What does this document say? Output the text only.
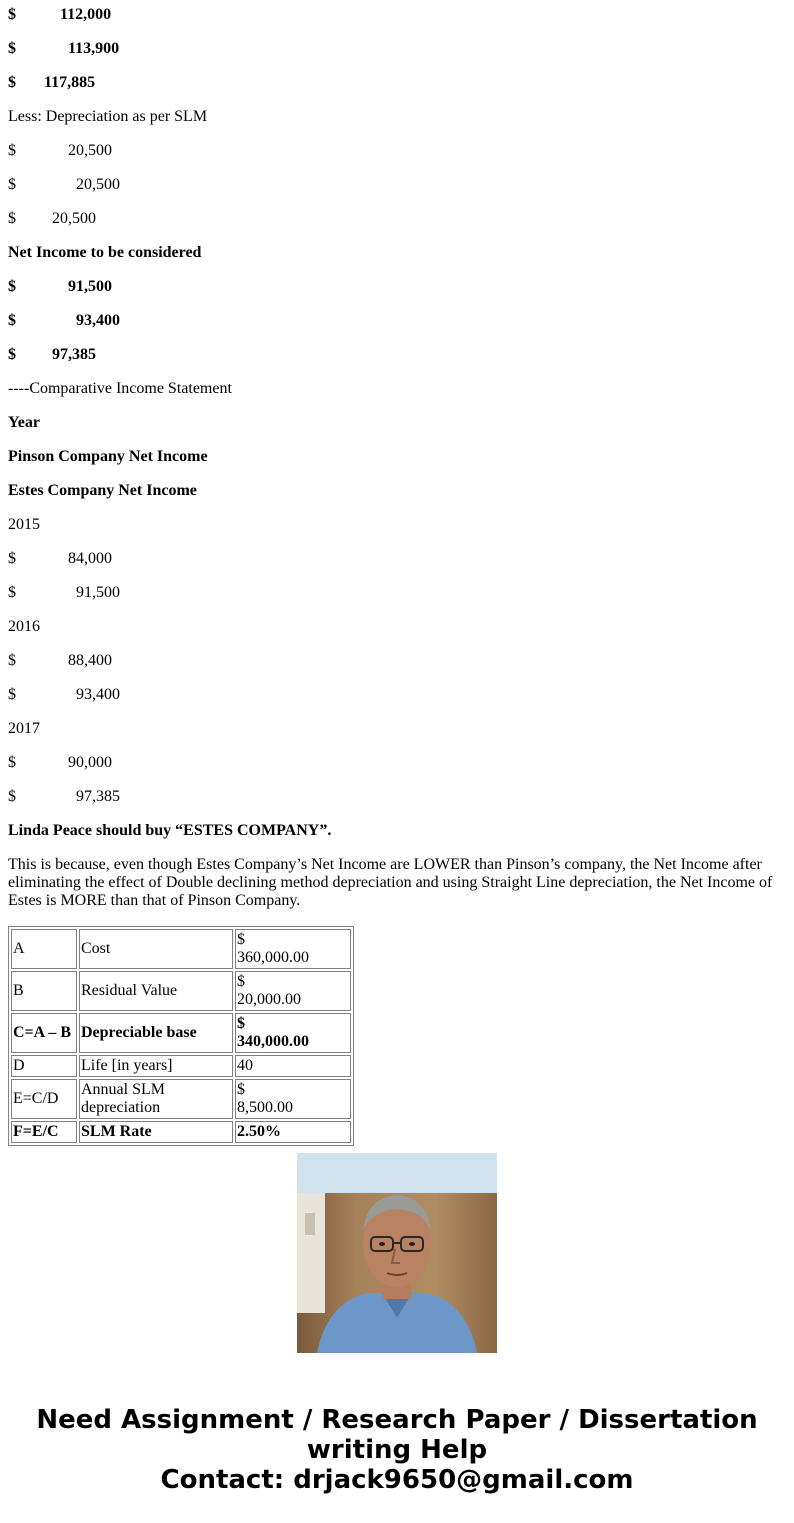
$	112,000

$	113,900

$ 117,885

Less: Depreciation as per SLM

$	20,500

$	20,500

$ 20,500

Net Income to be considered

$	91,500

$	93,400

$ 97,385

----Comparative Income Statement

Year

Pinson Company Net Income

Estes Company Net Income

2015

$	84,000

$	91,500

2016

$	88,400

$	93,400

2017

$	90,000

$	97,385

Linda Peace should buy “ESTES COMPANY”.

This is because, even though Estes Company’s Net Income are LOWER than Pinson’s company, the Net Income after eliminating the effect of Double declining method depreciation and using Straight Line depreciation, the Net Income of Estes is MORE than that of Pinson Company.

A	Cost	$
360,000.00
B	Residual Value	$
20,000.00
C=A – B	Depreciable base	$
340,000.00
D	Life [in years]	40
E=C/D	Annual SLM depreciation	$
8,500.00
F=E/C	SLM Rate	2.50%
Need Assignment / Research Paper / Dissertation
writing Help
Contact: drjack9650@gmail.com
